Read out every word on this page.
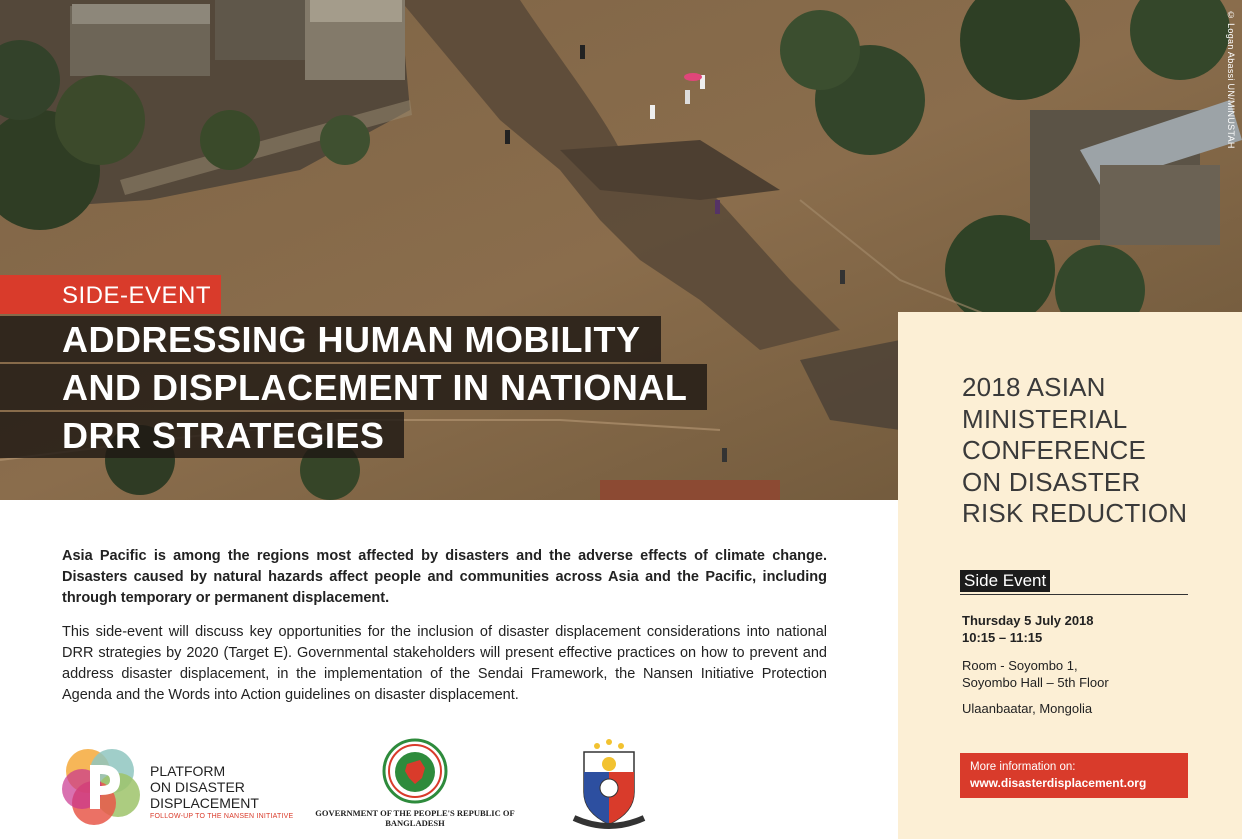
© Logan Abassi UN/MINUSTAH
SIDE-EVENT
ADDRESSING HUMAN MOBILITY
AND DISPLACEMENT IN NATIONAL
DRR STRATEGIES
2018 ASIAN
MINISTERIAL
CONFERENCE
ON DISASTER
RISK REDUCTION
Side Event
Thursday 5 July 2018
10:15 – 11:15
Room - Soyombo 1,
Soyombo Hall – 5th Floor
Ulaanbaatar, Mongolia
More information on:
www.disasterdisplacement.org

Asia Pacific is among the regions most affected by disasters and the adverse effects of climate change. Disasters caused by natural hazards affect people and communities across Asia and the Pacific, including through temporary or permanent displacement.

This side-event will discuss key opportunities for the inclusion of disaster displacement considerations into national DRR strategies by 2020 (Target E). Governmental stakeholders will present effective practices on how to prevent and address disaster displacement, in the implementation of the Sendai Framework, the Nansen Initiative Protection Agenda and the Words into Action guidelines on disaster displacement.

PLATFORM
ON DISASTER
DISPLACEMENT
FOLLOW-UP TO THE NANSEN INITIATIVE	GOVERNMENT OF THE PEOPLE'S REPUBLIC OF
BANGLADESH
